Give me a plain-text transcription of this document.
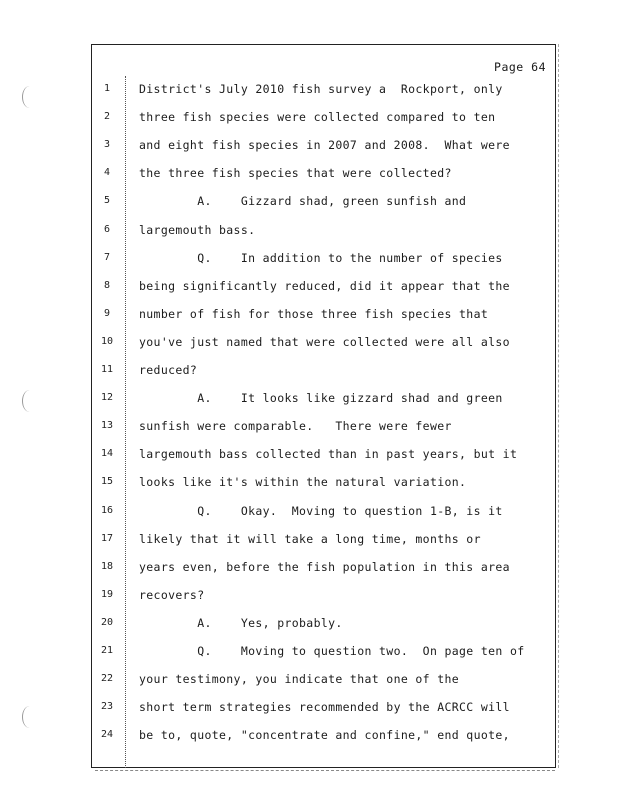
Page 64
1	District's July 2010 fish survey a  Rockport, only
2	three fish species were collected compared to ten
3	and eight fish species in 2007 and 2008.  What were
4	the three fish species that were collected?
5	A.    Gizzard shad, green sunfish and
6	largemouth bass.
7	Q.    In addition to the number of species
8	being significantly reduced, did it appear that the
9	number of fish for those three fish species that
10	you've just named that were collected were all also
11	reduced?
12	A.    It looks like gizzard shad and green
13	sunfish were comparable.   There were fewer
14	largemouth bass collected than in past years, but it
15	looks like it's within the natural variation.
16	Q.    Okay.  Moving to question 1-B, is it
17	likely that it will take a long time, months or
18	years even, before the fish population in this area
19	recovers?
20	A.    Yes, probably.
21	Q.    Moving to question two.  On page ten of
22	your testimony, you indicate that one of the
23	short term strategies recommended by the ACRCC will
24	be to, quote, "concentrate and confine," end quote,
